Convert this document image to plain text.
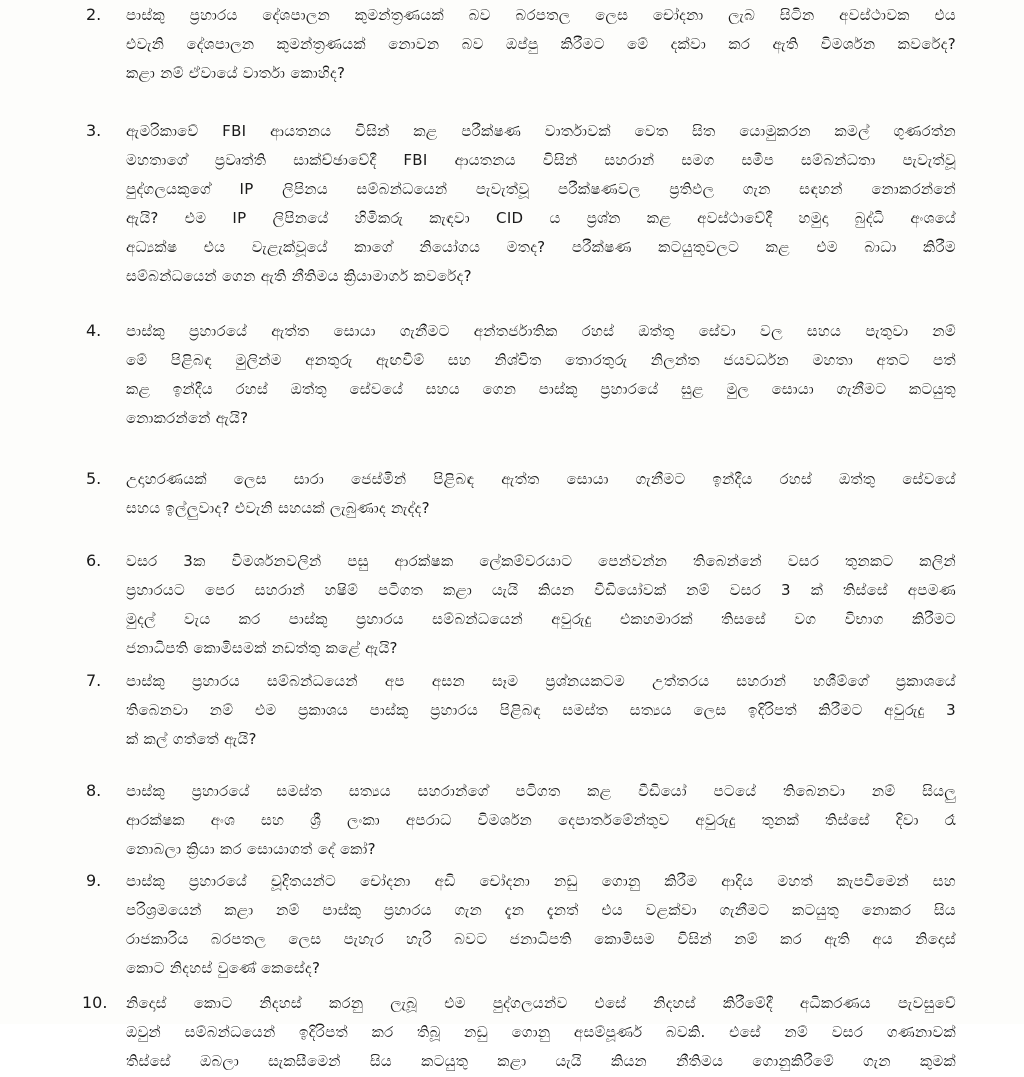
2. පාස්කු ප්‍රහාරය දේශපාලන කුමන්ත්‍රණයක් බව බරපතල ලෙස චෝදනා ලැබ සිටින අවස්ථාවක එය
එවැනි දේශපාලන කුමන්ත්‍රණයක් නොවන බව ඔප්පු කිරීමට මේ දක්වා කර ඇති විමර්ශන කවරේද?
කළා නම් ඒවායේ වාර්තා කොහිද?
3. ඇමරිකාවේ FBI ආයතනය විසින් කළ පරීක්ෂණ වාර්තාවක් වෙත සිත යොමුකරන කමල් ගුණරත්න
මහතාගේ ප්‍රවෘත්ති සාක්ච්ඡාවේදී FBI ආයතනය විසින් සහරාන් සමග සමීප සම්බන්ධතා පැවැත්වූ
පුද්ගලයකුගේ IP ලිපිනය සම්බන්ධයෙන් පැවැත්වූ පරීක්ෂණවල ප්‍රතිඵල ගැන සඳහන් නොකරන්නේ
ඇයි? එම IP ලිපිනයේ හිමිකරු කැඳවා CID ය ප්‍රශ්න කළ අවස්ථාවේදී හමුදා බුද්ධි අංශයේ
අධ්‍යක්ෂ එය වැළැක්වූයේ කාගේ නියෝගය මතද? පරීක්ෂණ කටයුතුවලට කළ එම බාධා කිරීම
සම්බන්ධයෙන් ගෙන ඇති නීතිමය ක්‍රියාමාර්ග කවරේද?
4. පාස්කු ප්‍රහාරයේ ඇත්ත සොයා ගැනීමට අන්තර්ජාතික රහස් ඔත්තු සේවා වල සහය පැතුවා නම්
මේ පිළිබඳ මුලින්ම අනතුරු ඇඟවීම් සහ නිශ්චිත තොරතුරු නිලන්ත ජයවර්ධන මහතා අතට පත්
කළ ඉන්දීය රහස් ඔත්තු සේවයේ සහය ගෙන පාස්කු ප්‍රහාරයේ සුළ මුල සොයා ගැනීමට කටයුතු
නොකරන්නේ ඇයි?
5. උදාහරණයක් ලෙස සාරා ජෙස්මින් පිළිබඳ ඇත්ත සොයා ගැනීමට ඉන්දීය රහස් ඔත්තු සේවයේ
සහය ඉල්ලුවාද? එවැනි සහයක් ලැබුණාද නැද්ද?
6. වසර 3ක විමර්ශනවලින් පසු ආරක්ෂක ලේකම්වරයාට පෙන්වන්න තිබෙන්නේ වසර තුනකට කලින්
ප්‍රහාරයට පෙර සහරාන් හෂිම් පටිගත කළා යැයි කියන වීඩියෝවක් නම් වසර 3 ක් තිස්සේ අපමණ
මුදල් වැය කර පාස්කු ප්‍රහාරය සම්බන්ධයෙන් අවුරුදු එකහමාරක් තිසසේ වග විභාග කිරීමට
ජනාධිපති කොමිසමක් නඩත්තු කළේ ඇයි?
7. පාස්කු ප්‍රහාරය සම්බන්ධයෙන් අප අසන සෑම ප්‍රශ්නයකටම උත්තරය සහරාන් හශීම්ගේ ප්‍රකාශයේ
තිබෙනවා නම් එම ප්‍රකාශය පාස්කු ප්‍රහාරය පිළිබඳ සමස්ත සත්‍යය ලෙස ඉදිරිපත් කිරීමට අවුරුදු 3
ක් කල් ගත්තේ ඇයි?
8. පාස්කු ප්‍රහාරයේ සමස්ත සත්‍යය සහරාන්ගේ පටිගත කළ වීඩියෝ පටයේ තිබෙනවා නම් සියලු
ආරක්ෂක අංශ සහ ශ්‍රී ලංකා අපරාධ විමර්ශන දෙපාර්තමේන්තුව අවුරුදු තුනක් තිස්සේ දිවා රෑ
නොබලා ක්‍රියා කර සොයාගත් දේ කෝ?
9. පාස්කු ප්‍රහාරයේ චූදිතයන්ට චෝදනා අඩි චෝදනා නඩු ගොනු කිරීම ආදිය මහත් කැපවීමෙන් සහ
පරිශ්‍රමයෙන් කළා නම් පාස්කු ප්‍රහාරය ගැන දැන දැනත් එය වළක්වා ගැනීමට කටයුතු නොකර සිය
රාජකාරිය බරපතල ලෙස පැහැර හැරි බවට ජනාධිපති කොමිසම විසින් නම් කර ඇති අය නිදොස්
කොට නිදහස් වුණේ කෙසේද?
10. නිදොස් කොට නිදහස් කරනු ලැබූ එම පුද්ගලයන්ව එසේ නිදහස් කිරීමේදී අධිකරණය පැවසුවේ
ඔවුන් සම්බන්ධයෙන් ඉදිරිපත් කර තිබූ නඩු ගොනු අසම්පූර්ණ බවකි. එසේ නම් වසර ගණනාවක්
තිස්සේ ඔබලා සැකසීමෙන් සිය කටයුතු කළා යැයි කියන නීතිමය ගොනුකිරීමේ ගැන කුමක්
